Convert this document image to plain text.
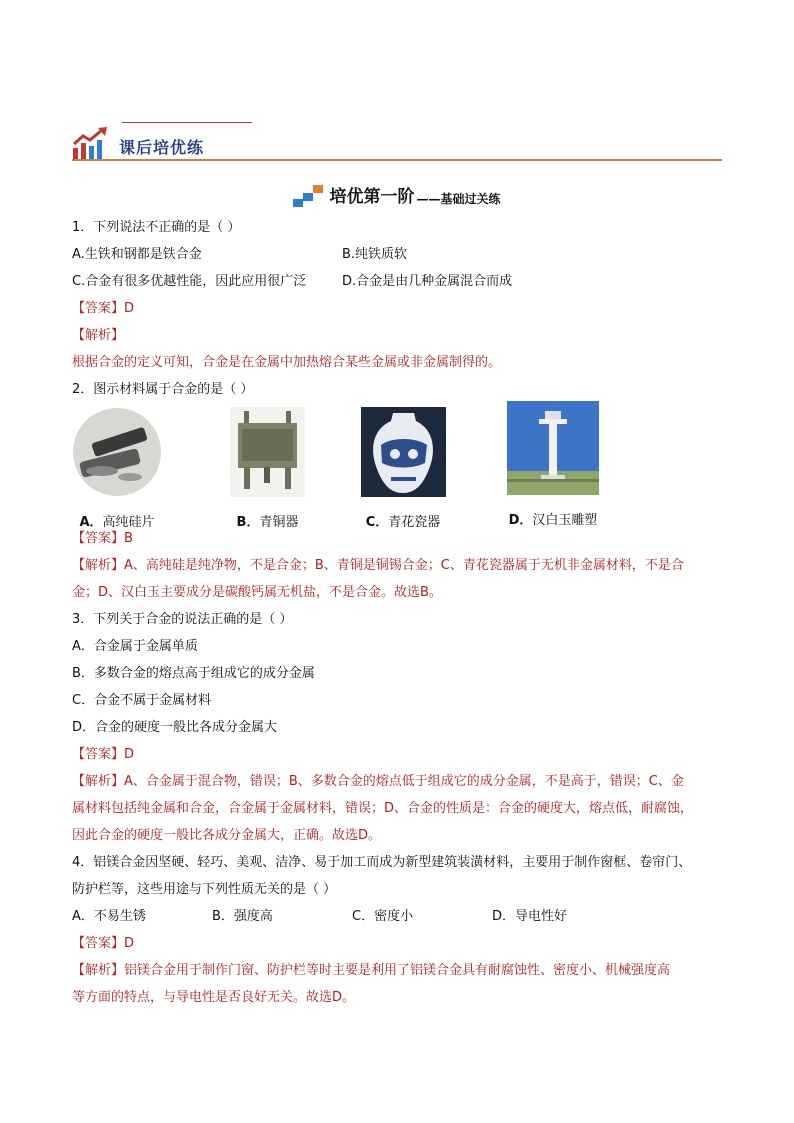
课后培优练
培优第一阶 ——基础过关练
1．下列说法不正确的是（ ）
A.生铁和钢都是铁合金	B.纯铁质软
C.合金有很多优越性能，因此应用很广泛	D.合金是由几种金属混合而成
【答案】D
【解析】
根据合金的定义可知，合金是在金属中加热熔合某些金属或非金属制得的。
2．图示材料属于合金的是（ ）
A．高纯硅片	B．青铜器	C．青花瓷器	D．汉白玉雕塑
【答案】B
【解析】A、高纯硅是纯净物，不是合金；B、青铜是铜锡合金；C、青花瓷器属于无机非金属材料，不是合
金；D、汉白玉主要成分是碳酸钙属无机盐，不是合金。故选B。
3．下列关于合金的说法正确的是（ ）
A．合金属于金属单质
B．多数合金的熔点高于组成它的成分金属
C．合金不属于金属材料
D．合金的硬度一般比各成分金属大
【答案】D
【解析】A、合金属于混合物，错误；B、多数合金的熔点低于组成它的成分金属，不是高于，错误；C、金
属材料包括纯金属和合金，合金属于金属材料，错误；D、合金的性质是：合金的硬度大，熔点低，耐腐蚀，
因此合金的硬度一般比各成分金属大，正确。故选D。
4．铝镁合金因坚硬、轻巧、美观、洁净、易于加工而成为新型建筑装潢材料，主要用于制作窗框、卷帘门、
防护栏等，这些用途与下列性质无关的是（ ）
A．不易生锈	B．强度高	C．密度小	D．导电性好
【答案】D
【解析】铝镁合金用于制作门窗、防护栏等时主要是利用了铝镁合金具有耐腐蚀性、密度小、机械强度高
等方面的特点，与导电性是否良好无关。故选D。
